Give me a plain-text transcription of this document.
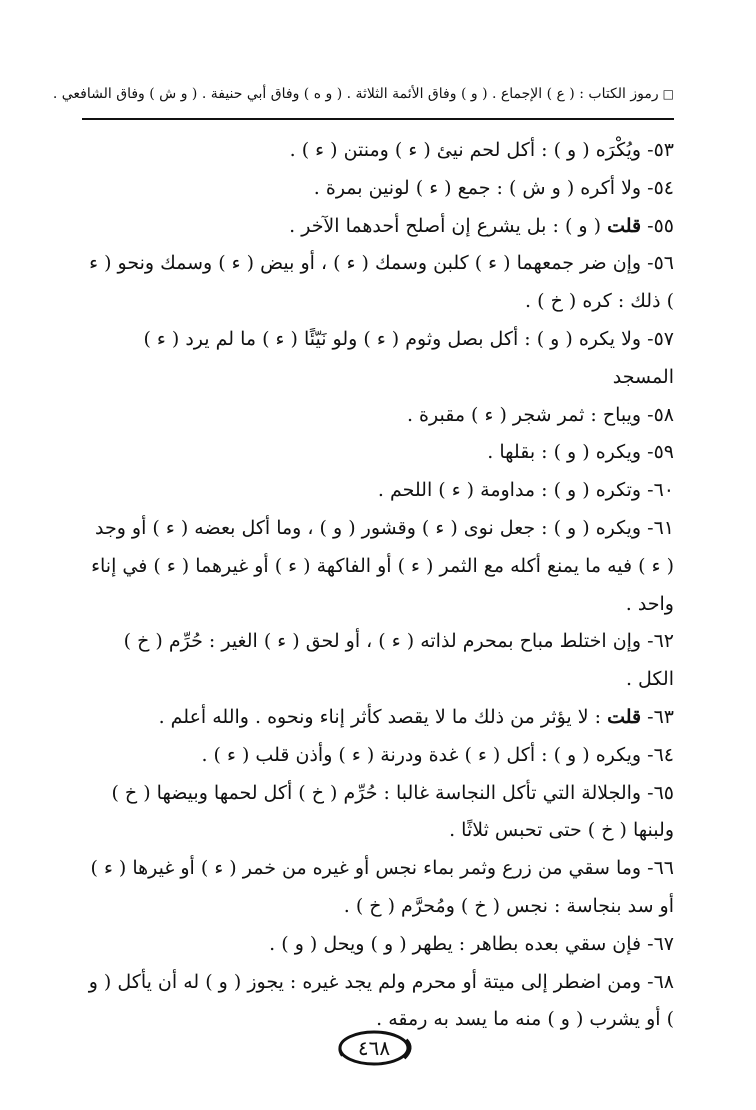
□رموز الكتاب : ( ع ) الإجماع . ( و ) وفاق الأئمة الثلاثة . ( و ه ) وفاق أبي حنيفة . ( و ش ) وفاق الشافعي .

٥٣- ويُكْرَه ( و ) : أكل لحم نيئ ( ء ) ومنتن ( ء ) .

٥٤- ولا أكره ( و ش ) : جمع ( ء ) لونين بمرة .

٥٥- قلت ( و ) : بل يشرع إن أصلح أحدهما الآخر .

٥٦- وإن ضر جمعهما ( ء ) كلبن وسمك ( ء ) ، أو بيض ( ء ) وسمك ونحو ( ء ) ذلك : كره ( خ ) .

٥٧- ولا يكره ( و ) : أكل بصل وثوم ( ء ) ولو نَيّئًا ( ء ) ما لم يرد ( ء ) المسجد

٥٨- ويباح : ثمر شجر ( ء ) مقبرة .

٥٩- ويكره ( و ) : بقلها .

٦٠- وتكره ( و ) : مداومة ( ء ) اللحم .

٦١- ويكره ( و ) : جعل نوى ( ء ) وقشور ( و ) ، وما أكل بعضه ( ء ) أو وجد ( ء ) فيه ما يمنع أكله مع الثمر ( ء ) أو الفاكهة ( ء ) أو غيرهما ( ء ) في إناء واحد .

٦٢- وإن اختلط مباح بمحرم لذاته ( ء ) ، أو لحق ( ء ) الغير : حُرِّم ( خ ) الكل .

٦٣- قلت : لا يؤثر من ذلك ما لا يقصد كأثر إناء ونحوه . والله أعلم .

٦٤- ويكره ( و ) : أكل ( ء ) غدة ودرنة ( ء ) وأذن قلب ( ء ) .

٦٥- والجلالة التي تأكل النجاسة غالبا : حُرِّم ( خ ) أكل لحمها وبيضها ( خ ) ولبنها ( خ ) حتى تحبس ثلاثًا .

٦٦- وما سقي من زرع وثمر بماء نجس أو غيره من خمر ( ء ) أو غيرها ( ء ) أو سد بنجاسة : نجس ( خ ) ومُحرَّم ( خ ) .

٦٧- فإن سقي بعده بطاهر : يطهر ( و ) ويحل ( و ) .

٦٨- ومن اضطر إلى ميتة أو محرم ولم يجد غيره : يجوز ( و ) له أن يأكل ( و ) أو يشرب ( و ) منه ما يسد به رمقه .

٤٦٨
